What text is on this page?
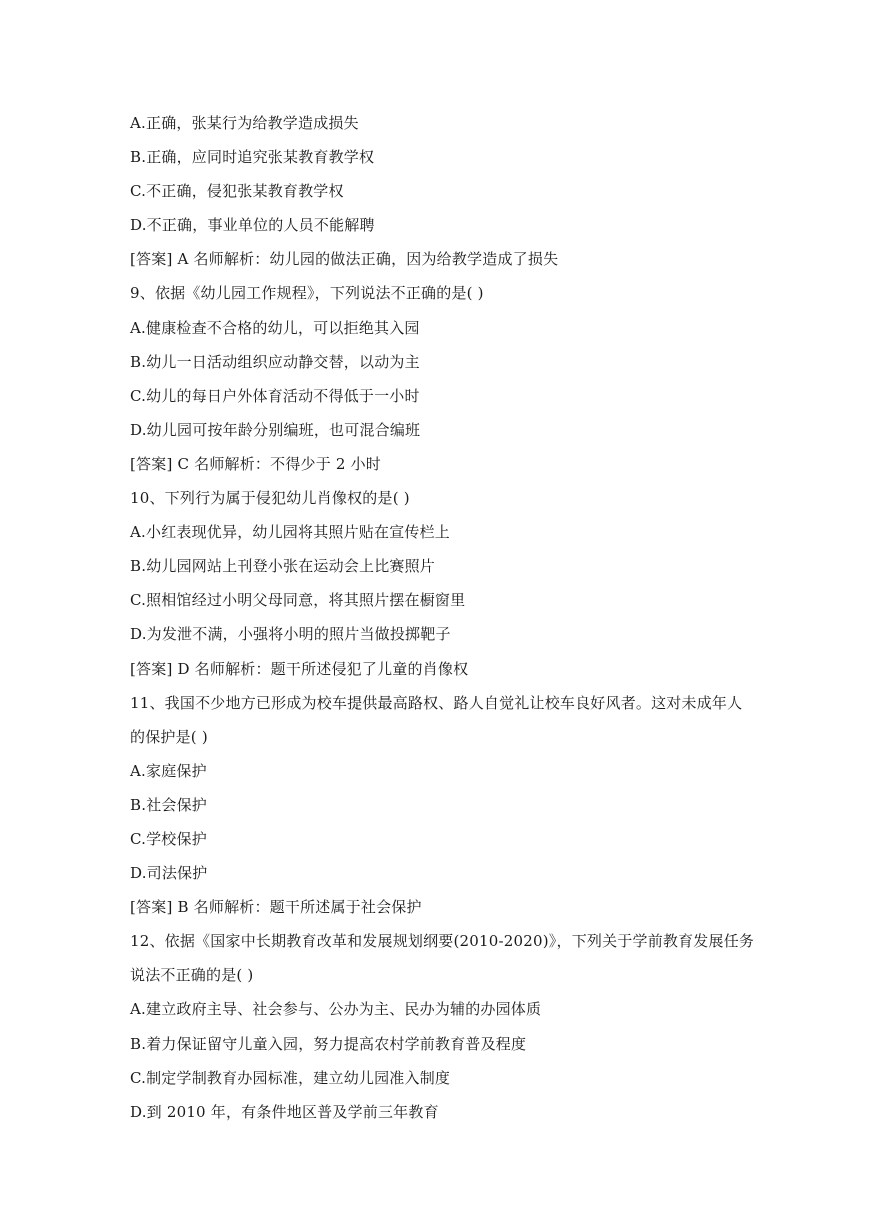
A.正确，张某行为给教学造成损失
B.正确，应同时追究张某教育教学权
C.不正确，侵犯张某教育教学权
D.不正确，事业单位的人员不能解聘
[答案] A 名师解析：幼儿园的做法正确，因为给教学造成了损失
9、依据《幼儿园工作规程》，下列说法不正确的是( )
A.健康检查不合格的幼儿，可以拒绝其入园
B.幼儿一日活动组织应动静交替，以动为主
C.幼儿的每日户外体育活动不得低于一小时
D.幼儿园可按年龄分别编班，也可混合编班
[答案] C 名师解析：不得少于 2 小时
10、下列行为属于侵犯幼儿肖像权的是( )
A.小红表现优异，幼儿园将其照片贴在宣传栏上
B.幼儿园网站上刊登小张在运动会上比赛照片
C.照相馆经过小明父母同意，将其照片摆在橱窗里
D.为发泄不满，小强将小明的照片当做投掷靶子
[答案] D 名师解析：题干所述侵犯了儿童的肖像权
11、我国不少地方已形成为校车提供最高路权、路人自觉礼让校车良好风者。这对未成年人
的保护是( )
A.家庭保护
B.社会保护
C.学校保护
D.司法保护
[答案] B 名师解析：题干所述属于社会保护
12、依据《国家中长期教育改革和发展规划纲要(2010-2020)》，下列关于学前教育发展任务
说法不正确的是( )
A.建立政府主导、社会参与、公办为主、民办为辅的办园体质
B.着力保证留守儿童入园，努力提高农村学前教育普及程度
C.制定学制教育办园标准，建立幼儿园准入制度
D.到 2010 年，有条件地区普及学前三年教育
